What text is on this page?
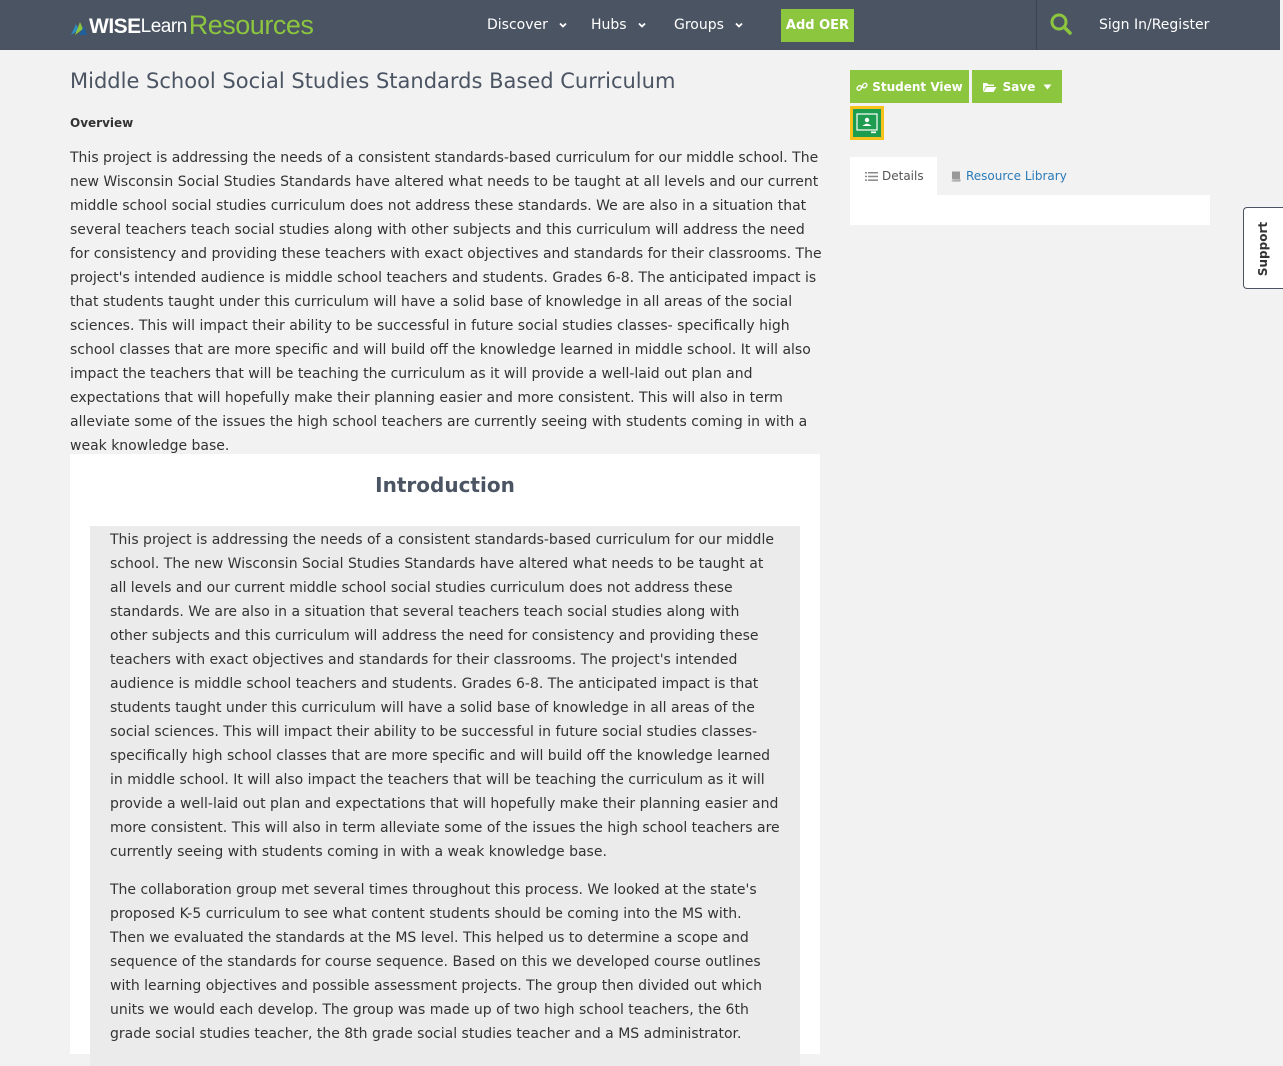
WISE Learn Resources	Discover	Hubs	Groups	Add OER	Sign In/Register
Middle School Social Studies Standards Based Curriculum
Overview

This project is addressing the needs of a consistent standards-based curriculum for our middle school. The new Wisconsin Social Studies Standards have altered what needs to be taught at all levels and our current middle school social studies curriculum does not address these standards. We are also in a situation that several teachers teach social studies along with other subjects and this curriculum will address the need for consistency and providing these teachers with exact objectives and standards for their classrooms. The project's intended audience is middle school teachers and students. Grades 6-8. The anticipated impact is that students taught under this curriculum will have a solid base of knowledge in all areas of the social sciences. This will impact their ability to be successful in future social studies classes- specifically high school classes that are more specific and will build off the knowledge learned in middle school. It will also impact the teachers that will be teaching the curriculum as it will provide a well-laid out plan and expectations that will hopefully make their planning easier and more consistent. This will also in term alleviate some of the issues the high school teachers are currently seeing with students coming in with a weak knowledge base.

Introduction

This project is addressing the needs of a consistent standards-based curriculum for our middle school. The new Wisconsin Social Studies Standards have altered what needs to be taught at all levels and our current middle school social studies curriculum does not address these standards. We are also in a situation that several teachers teach social studies along with other subjects and this curriculum will address the need for consistency and providing these teachers with exact objectives and standards for their classrooms. The project's intended audience is middle school teachers and students. Grades 6-8. The anticipated impact is that students taught under this curriculum will have a solid base of knowledge in all areas of the social sciences. This will impact their ability to be successful in future social studies classes- specifically high school classes that are more specific and will build off the knowledge learned in middle school. It will also impact the teachers that will be teaching the curriculum as it will provide a well-laid out plan and expectations that will hopefully make their planning easier and more consistent. This will also in term alleviate some of the issues the high school teachers are currently seeing with students coming in with a weak knowledge base.

The collaboration group met several times throughout this process. We looked at the state's proposed K-5 curriculum to see what content students should be coming into the MS with. Then we evaluated the standards at the MS level. This helped us to determine a scope and sequence of the standards for course sequence. Based on this we developed course outlines with learning objectives and possible assessment projects. The group then divided out which units we would each develop. The group was made up of two high school teachers, the 6th grade social studies teacher, the 8th grade social studies teacher and a MS administrator.

Student View	Save
Details	Resource Library
Support
